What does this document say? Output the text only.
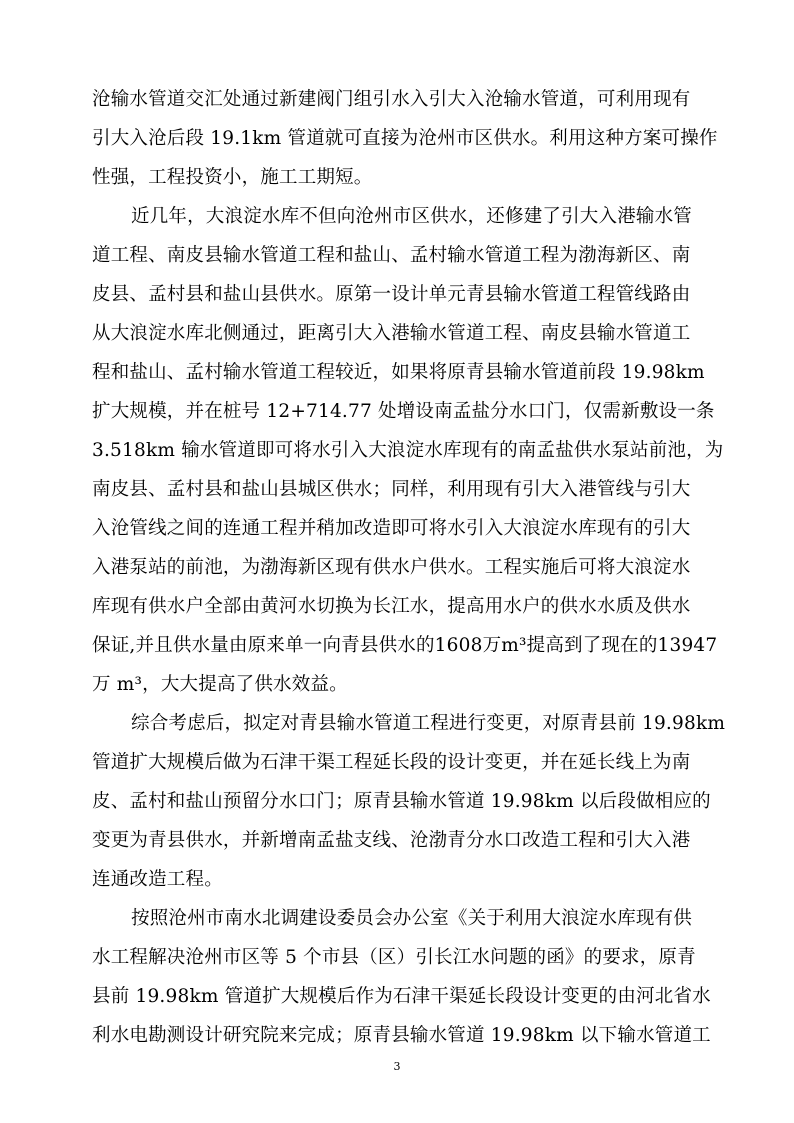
沧输水管道交汇处通过新建阀门组引水入引大入沧输水管道，可利用现有
引大入沧后段 19.1km 管道就可直接为沧州市区供水。利用这种方案可操作
性强，工程投资小，施工工期短。
近几年，大浪淀水库不但向沧州市区供水，还修建了引大入港输水管
道工程、南皮县输水管道工程和盐山、孟村输水管道工程为渤海新区、南
皮县、孟村县和盐山县供水。原第一设计单元青县输水管道工程管线路由
从大浪淀水库北侧通过，距离引大入港输水管道工程、南皮县输水管道工
程和盐山、孟村输水管道工程较近，如果将原青县输水管道前段 19.98km
扩大规模，并在桩号 12+714.77 处增设南孟盐分水口门，仅需新敷设一条
3.518km 输水管道即可将水引入大浪淀水库现有的南孟盐供水泵站前池，为
南皮县、孟村县和盐山县城区供水；同样，利用现有引大入港管线与引大
入沧管线之间的连通工程并稍加改造即可将水引入大浪淀水库现有的引大
入港泵站的前池，为渤海新区现有供水户供水。工程实施后可将大浪淀水
库现有供水户全部由黄河水切换为长江水，提高用水户的供水水质及供水
保证,并且供水量由原来单一向青县供水的1608万m³提高到了现在的13947
万 m³，大大提高了供水效益。
综合考虑后，拟定对青县输水管道工程进行变更，对原青县前 19.98km
管道扩大规模后做为石津干渠工程延长段的设计变更，并在延长线上为南
皮、孟村和盐山预留分水口门；原青县输水管道 19.98km 以后段做相应的
变更为青县供水，并新增南孟盐支线、沧渤青分水口改造工程和引大入港
连通改造工程。
按照沧州市南水北调建设委员会办公室《关于利用大浪淀水库现有供
水工程解决沧州市区等 5 个市县（区）引长江水问题的函》的要求，原青
县前 19.98km 管道扩大规模后作为石津干渠延长段设计变更的由河北省水
利水电勘测设计研究院来完成；原青县输水管道 19.98km 以下输水管道工
3
